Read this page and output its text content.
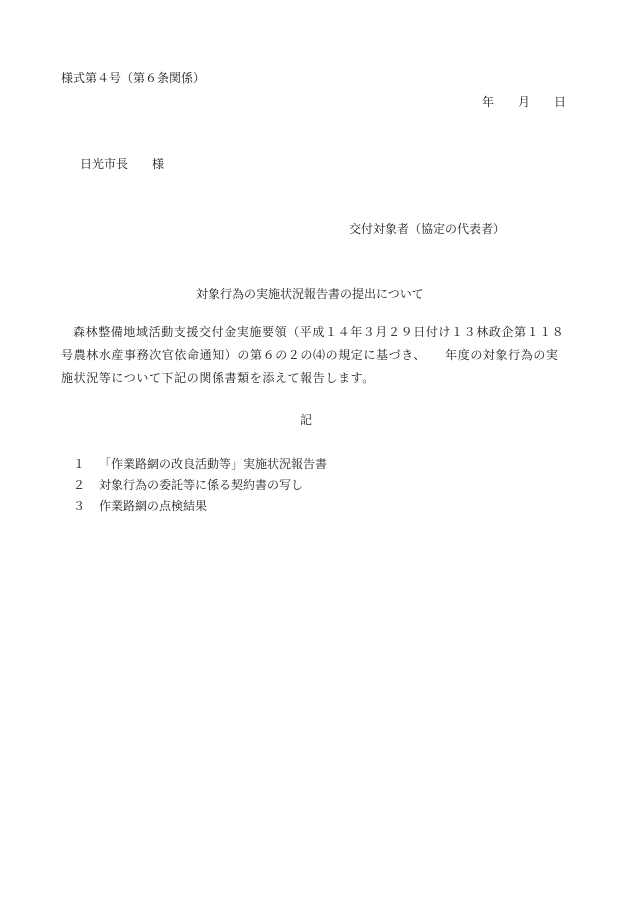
様式第４号（第６条関係）
年　　月　　日
日光市長　　様
交付対象者（協定の代表者）
対象行為の実施状況報告書の提出について
森林整備地域活動支援交付金実施要領（平成１４年３月２９日付け１３林政企第１１８
号農林水産事務次官依命通知）の第６の２の⑷の規定に基づき、　　年度の対象行為の実
施状況等について下記の関係書類を添えて報告します。
記
１ 「作業路網の改良活動等」実施状況報告書
２ 対象行為の委託等に係る契約書の写し
３ 作業路網の点検結果
